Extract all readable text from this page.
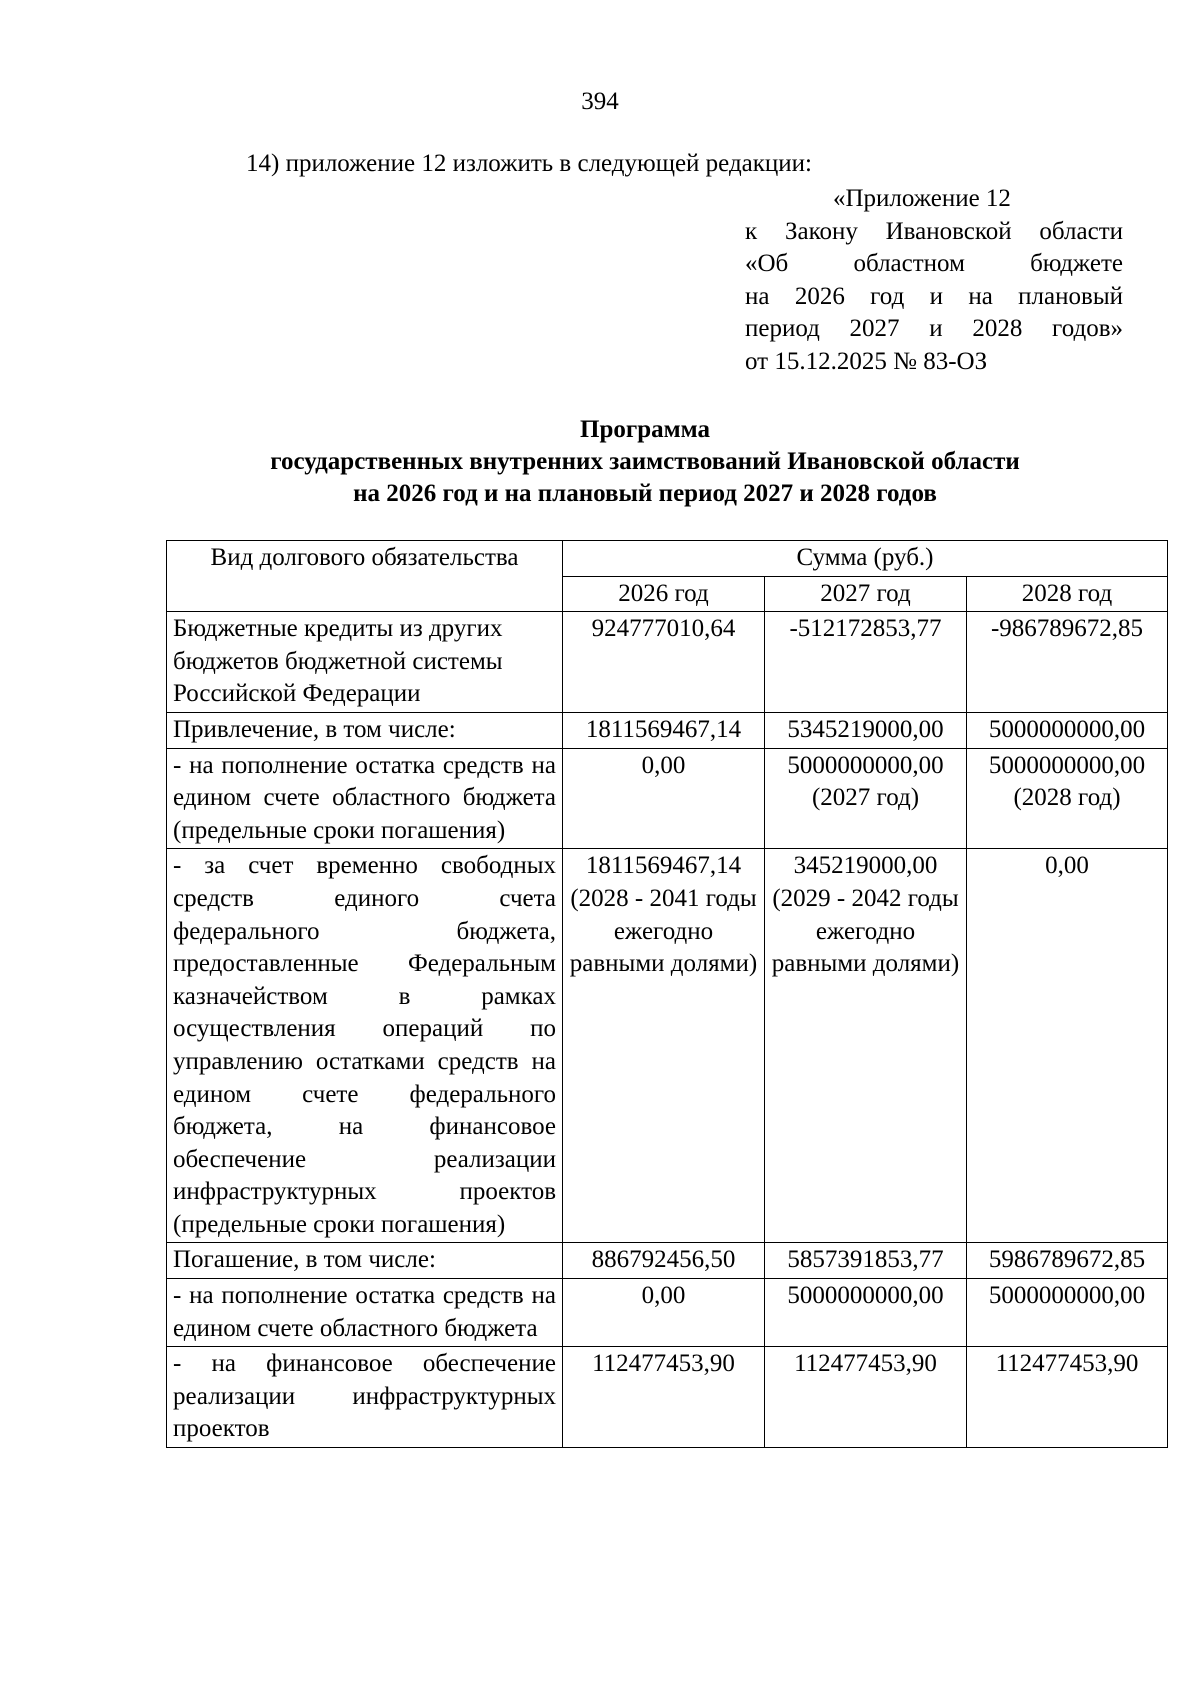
394
14) приложение 12 изложить в следующей редакции:
«Приложение 12
к Закону Ивановской области
«Об областном бюджете
на 2026 год и на плановый
период 2027 и 2028 годов»
от 15.12.2025 № 83-ОЗ
Программа
государственных внутренних заимствований Ивановской области
на 2026 год и на плановый период 2027 и 2028 годов
Вид долгового обязательства	Сумма (руб.)		
	2026 год	2027 год	2028 год
Бюджетные кредиты из других бюджетов бюджетной системы Российской Федерации	924777010,64	-512172853,77	-986789672,85
Привлечение, в том числе:	1811569467,14	5345219000,00	5000000000,00
- на пополнение остатка средств на едином счете областного бюджета (предельные сроки погашения)	0,00	5000000000,00 (2027 год)	5000000000,00 (2028 год)
- за счет временно свободных средств единого счета федерального бюджета, предоставленные Федеральным казначейством в рамках осуществления операций по управлению остатками средств на едином счете федерального бюджета, на финансовое обеспечение реализации инфраструктурных проектов (предельные сроки погашения)	1811569467,14 (2028 - 2041 годы ежегодно равными долями)	345219000,00 (2029 - 2042 годы ежегодно равными долями)	0,00
Погашение, в том числе:	886792456,50	5857391853,77	5986789672,85
- на пополнение остатка средств на едином счете областного бюджета	0,00	5000000000,00	5000000000,00
- на финансовое обеспечение реализации инфраструктурных проектов	112477453,90	112477453,90	112477453,90
